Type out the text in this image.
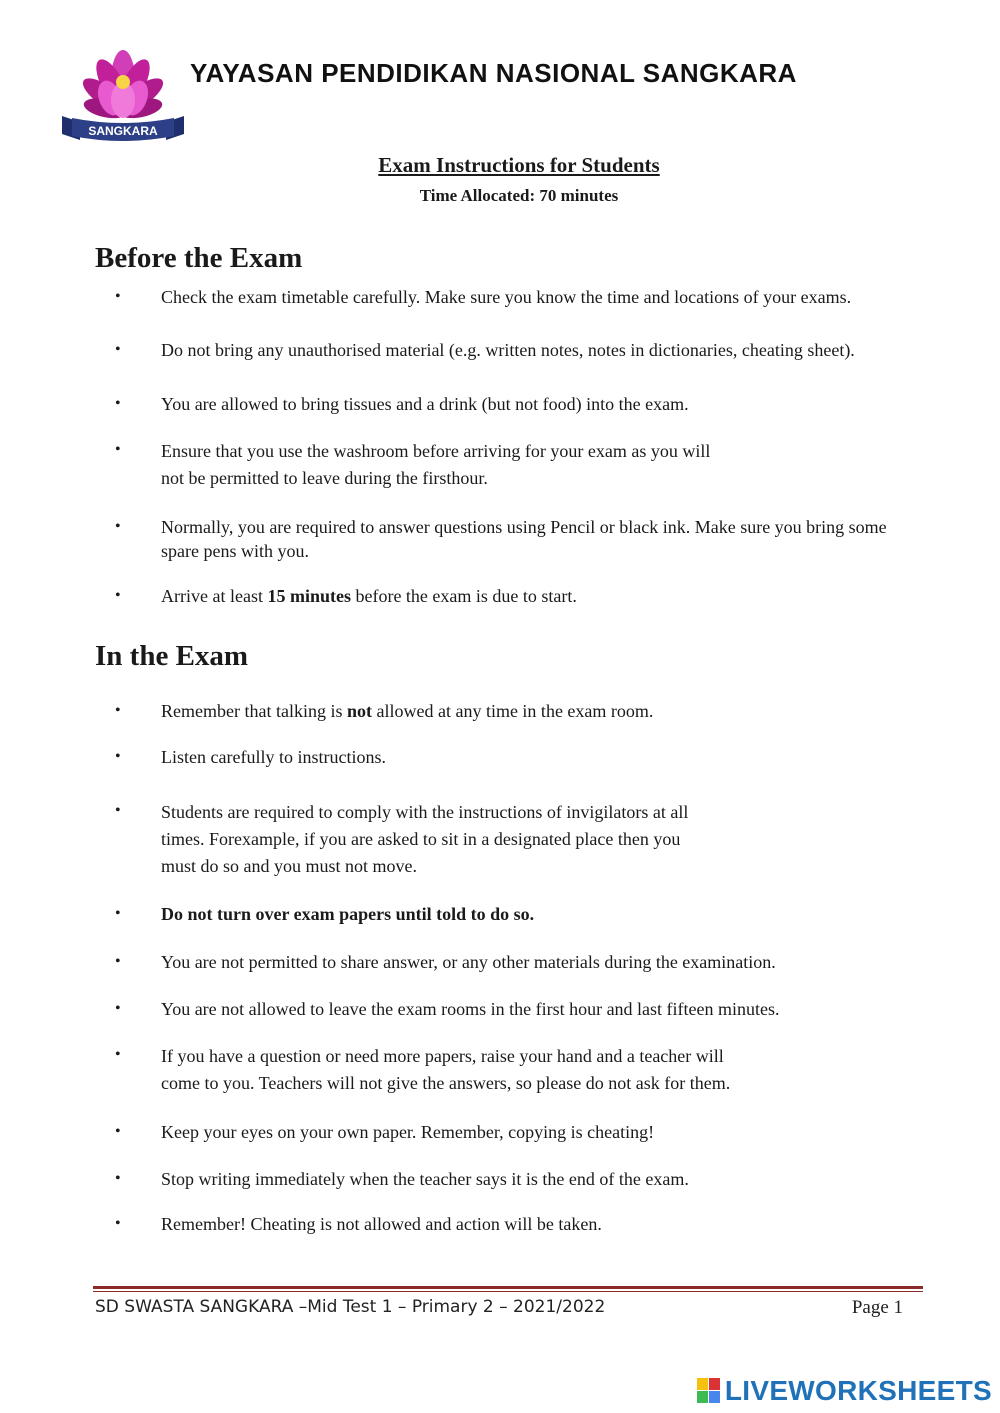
SANGKARA
YAYASAN PENDIDIKAN NASIONAL SANGKARA
Exam Instructions for Students
Time Allocated: 70 minutes
Before the Exam
• Check the exam timetable carefully. Make sure you know the time and locations of your exams.
• Do not bring any unauthorised material (e.g. written notes, notes in dictionaries, cheating sheet).
• You are allowed to bring tissues and a drink (but not food) into the exam.
• Ensure that you use the washroom before arriving for your exam as you will
not be permitted to leave during the firsthour.
• Normally, you are required to answer questions using Pencil or black ink. Make sure you bring some spare pens with you.
• Arrive at least 15 minutes before the exam is due to start.
In the Exam
• Remember that talking is not allowed at any time in the exam room.
• Listen carefully to instructions.
• Students are required to comply with the instructions of invigilators at all
times. Forexample, if you are asked to sit in a designated place then you
must do so and you must not move.
• Do not turn over exam papers until told to do so.
• You are not permitted to share answer, or any other materials during the examination.
• You are not allowed to leave the exam rooms in the first hour and last fifteen minutes.
• If you have a question or need more papers, raise your hand and a teacher will
come to you. Teachers will not give the answers, so please do not ask for them.
• Keep your eyes on your own paper. Remember, copying is cheating!
• Stop writing immediately when the teacher says it is the end of the exam.
• Remember! Cheating is not allowed and action will be taken.
SD SWASTA SANGKARA –Mid Test 1 – Primary 2 – 2021/2022	Page 1
LIVEWORKSHEETS
